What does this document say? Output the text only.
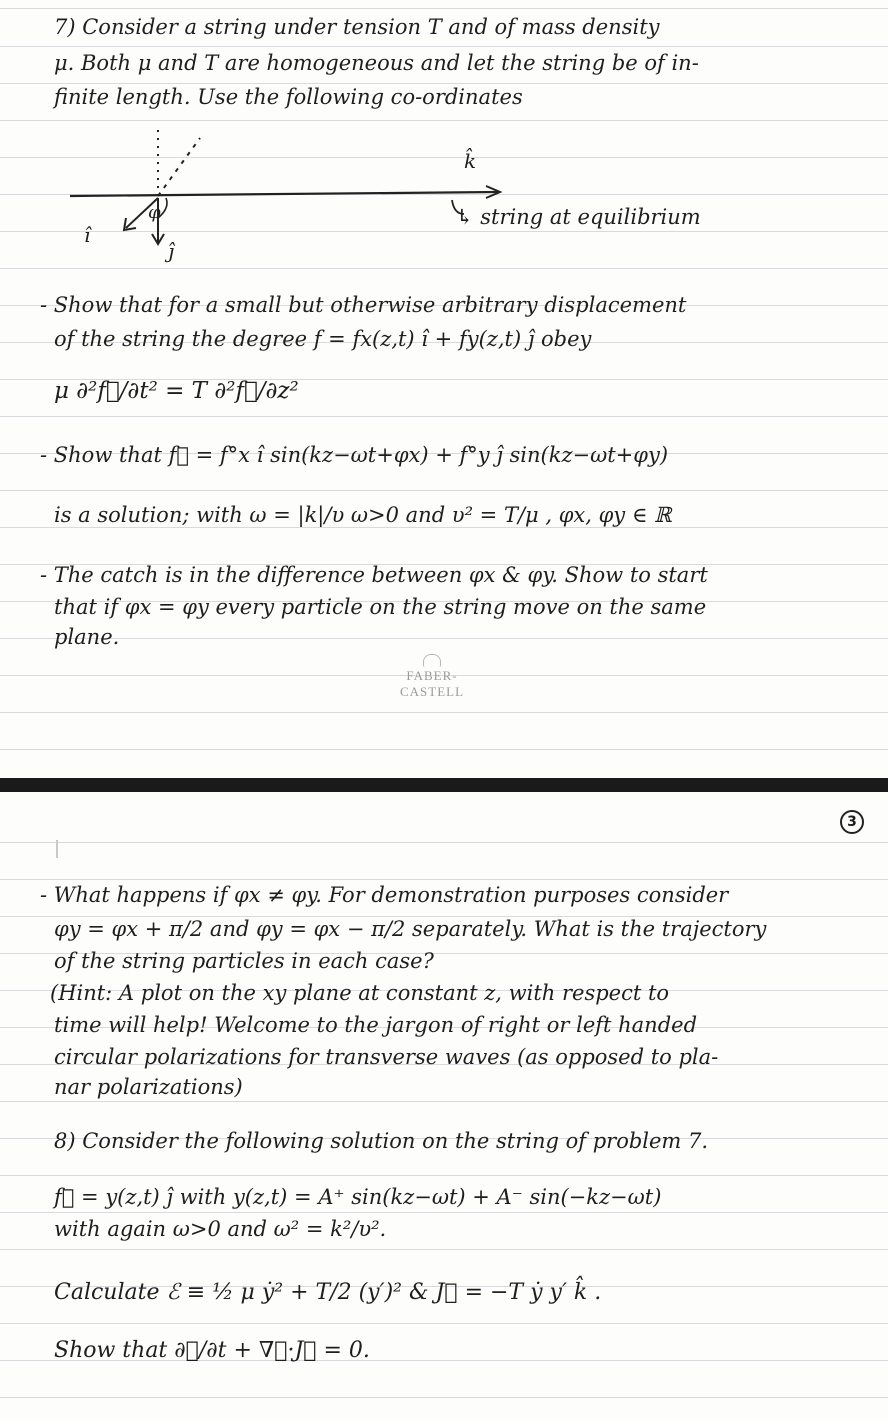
7) Consider a string under tension T and of mass density

μ. Both μ and T are homogeneous and let the string be of in-

finite length. Use the following co-ordinates

î
ĵ
k̂
φ	↳ string at equilibrium

- Show that for a small but otherwise arbitrary displacement

of the string the degree f = fx(z,t) î + fy(z,t) ĵ obey

μ ∂²f⃗/∂t² = T ∂²f⃗/∂z²

- Show that f⃗ = f°x î sin(kz−ωt+φx) + f°y ĵ sin(kz−ωt+φy)

is a solution; with ω = |k|/υ ω>0 and υ² = T/μ , φx, φy ∈ ℝ

- The catch is in the difference between φx & φy. Show to start

that if φx = φy every particle on the string move on the same

plane.

FABER-CASTELL
3

- What happens if φx ≠ φy. For demonstration purposes consider

φy = φx + π/2 and φy = φx − π/2 separately. What is the trajectory

of the string particles in each case?

(Hint: A plot on the xy plane at constant z, with respect to

time will help! Welcome to the jargon of right or left handed

circular polarizations for transverse waves (as opposed to pla-

nar polarizations)

8) Consider the following solution on the string of problem 7.

f⃗ = y(z,t) ĵ with y(z,t) = A⁺ sin(kz−ωt) + A⁻ sin(−kz−ωt)

with again ω>0 and ω² = k²/υ².

Calculate ℰ ≡ ½ μ ẏ² + T/2 (y′)² & J⃗ = −T ẏ y′ k̂ .

Show that ∂ℰ/∂t + ∇⃗·J⃗ = 0.
